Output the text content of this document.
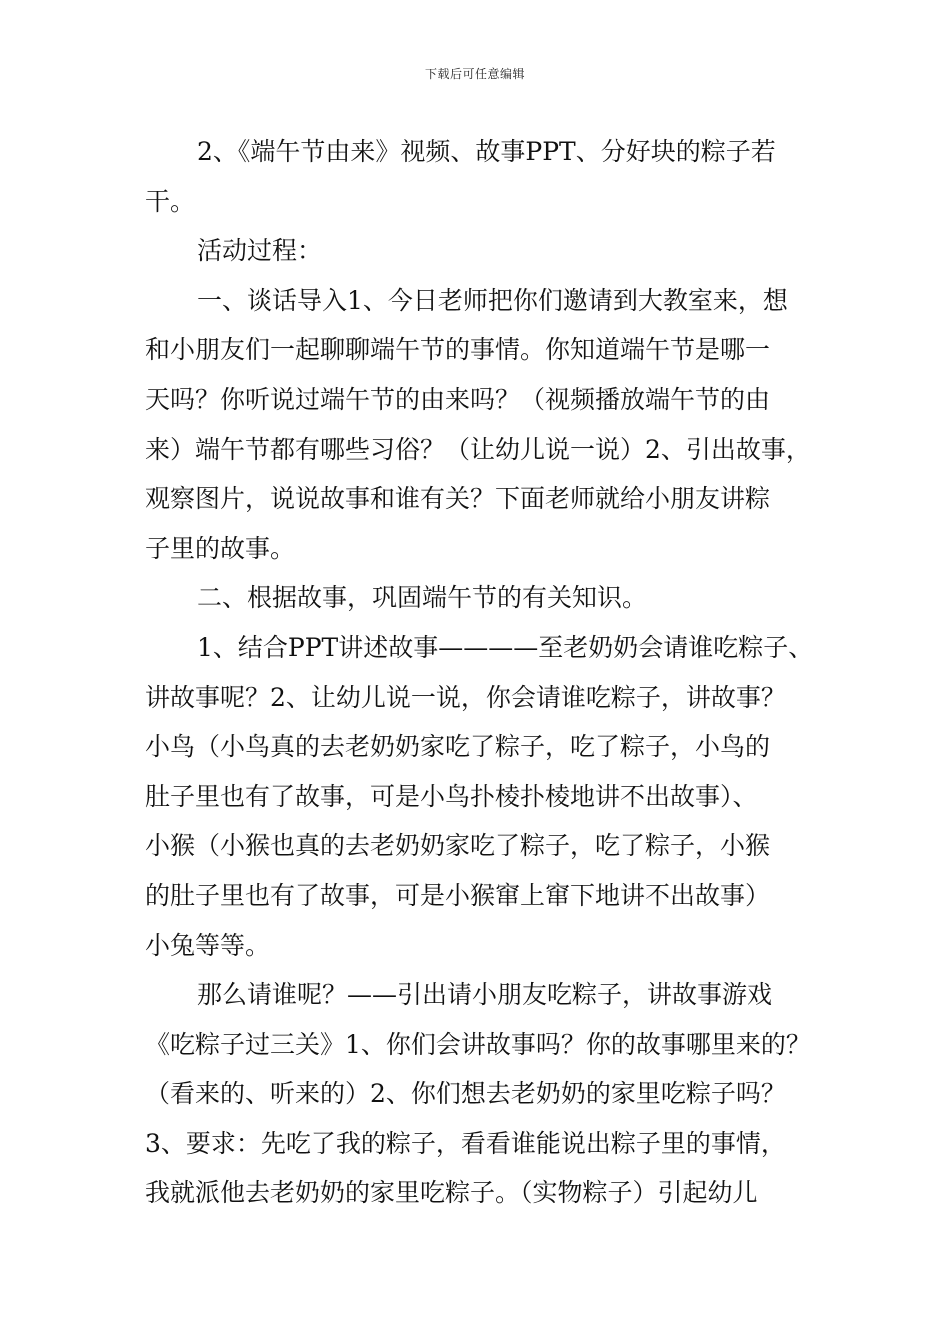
下载后可任意编辑
2、《端午节由来》视频、故事PPT、分好块的粽子若
干。
活动过程：
一、谈话导入1、今日老师把你们邀请到大教室来，想
和小朋友们一起聊聊端午节的事情。你知道端午节是哪一
天吗？你听说过端午节的由来吗？（视频播放端午节的由
来）端午节都有哪些习俗？（让幼儿说一说）2、引出故事，
观察图片，说说故事和谁有关？下面老师就给小朋友讲粽
子里的故事。
二、根据故事，巩固端午节的有关知识。
1、结合PPT讲述故事————至老奶奶会请谁吃粽子、
讲故事呢？2、让幼儿说一说，你会请谁吃粽子，讲故事？
小鸟（小鸟真的去老奶奶家吃了粽子，吃了粽子，小鸟的
肚子里也有了故事，可是小鸟扑棱扑棱地讲不出故事）、
小猴（小猴也真的去老奶奶家吃了粽子，吃了粽子，小猴
的肚子里也有了故事，可是小猴窜上窜下地讲不出故事）
小兔等等。
那么请谁呢？——引出请小朋友吃粽子，讲故事游戏
《吃粽子过三关》1、你们会讲故事吗？你的故事哪里来的？
（看来的、听来的）2、你们想去老奶奶的家里吃粽子吗？
3、要求：先吃了我的粽子，看看谁能说出粽子里的事情，
我就派他去老奶奶的家里吃粽子。（实物粽子）引起幼儿
